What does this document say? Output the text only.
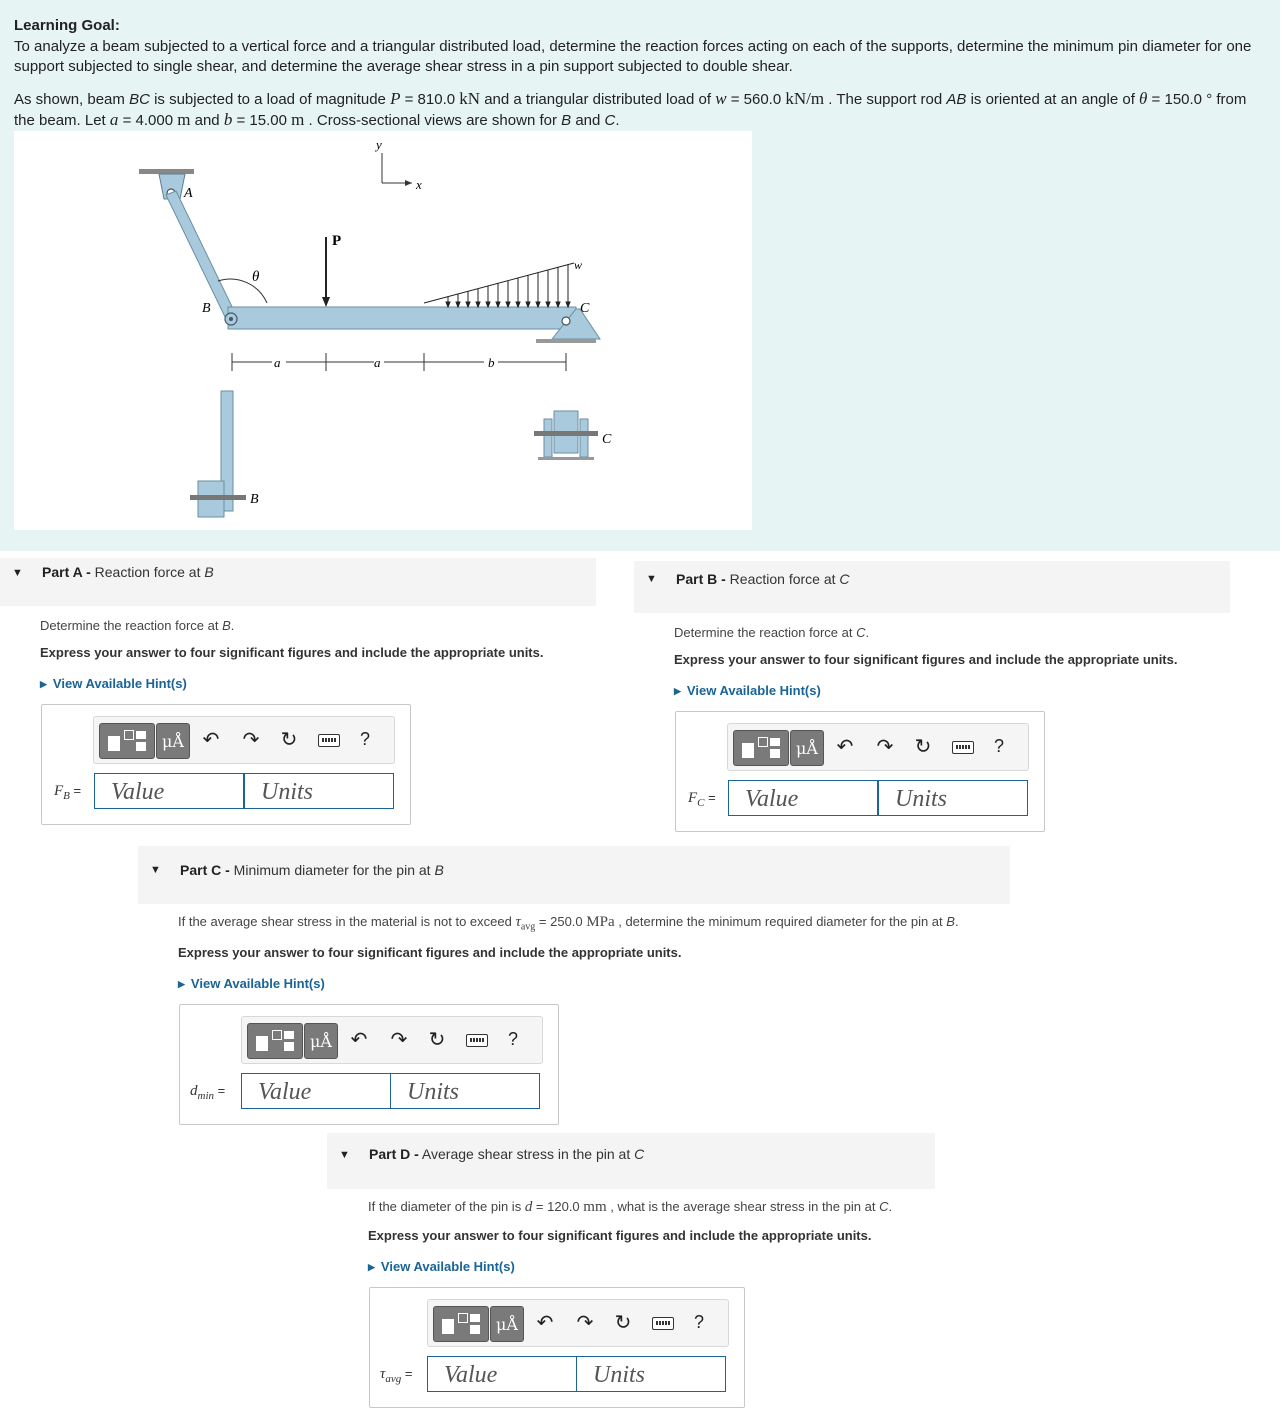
Learning Goal:
To analyze a beam subjected to a vertical force and a triangular distributed load, determine the reaction forces acting on each of the supports, determine the minimum pin diameter for one support subjected to single shear, and determine the average shear stress in a pin support subjected to double shear.
As shown, beam BC is subjected to a load of magnitude P = 810.0 kN and a triangular distributed load of w = 560.0 kN/m . The support rod AB is oriented at an angle of θ = 150.0 ° from the beam. Let a = 4.000 m and b = 15.00 m . Cross-sectional views are shown for B and C.
y
x
A
θ
B
P
w
C
a	a	b
B
C
▼ Part A - Reaction force at B
Determine the reaction force at B.
Express your answer to four significant figures and include the appropriate units.
▶ View Available Hint(s)
μÅ ↶ ↷ ↻	?
$F_B$ =	Value	Units
▼ Part B - Reaction force at C
Determine the reaction force at C.
Express your answer to four significant figures and include the appropriate units.
▶ View Available Hint(s)
μÅ ↶ ↷ ↻	?
$F_C$ =	Value	Units
▼ Part C - Minimum diameter for the pin at B
If the average shear stress in the material is not to exceed $\tau_{avg} = 250.0$ MPa , determine the minimum required diameter for the pin at B.
Express your answer to four significant figures and include the appropriate units.
▶ View Available Hint(s)
μÅ ↶ ↷ ↻	?
$d_{min}$ =	Value	Units
▼ Part D - Average shear stress in the pin at C
If the diameter of the pin is d = 120.0 mm , what is the average shear stress in the pin at C.
Express your answer to four significant figures and include the appropriate units.
▶ View Available Hint(s)
μÅ ↶ ↷ ↻	?
$\tau_{avg}$ =	Value	Units
